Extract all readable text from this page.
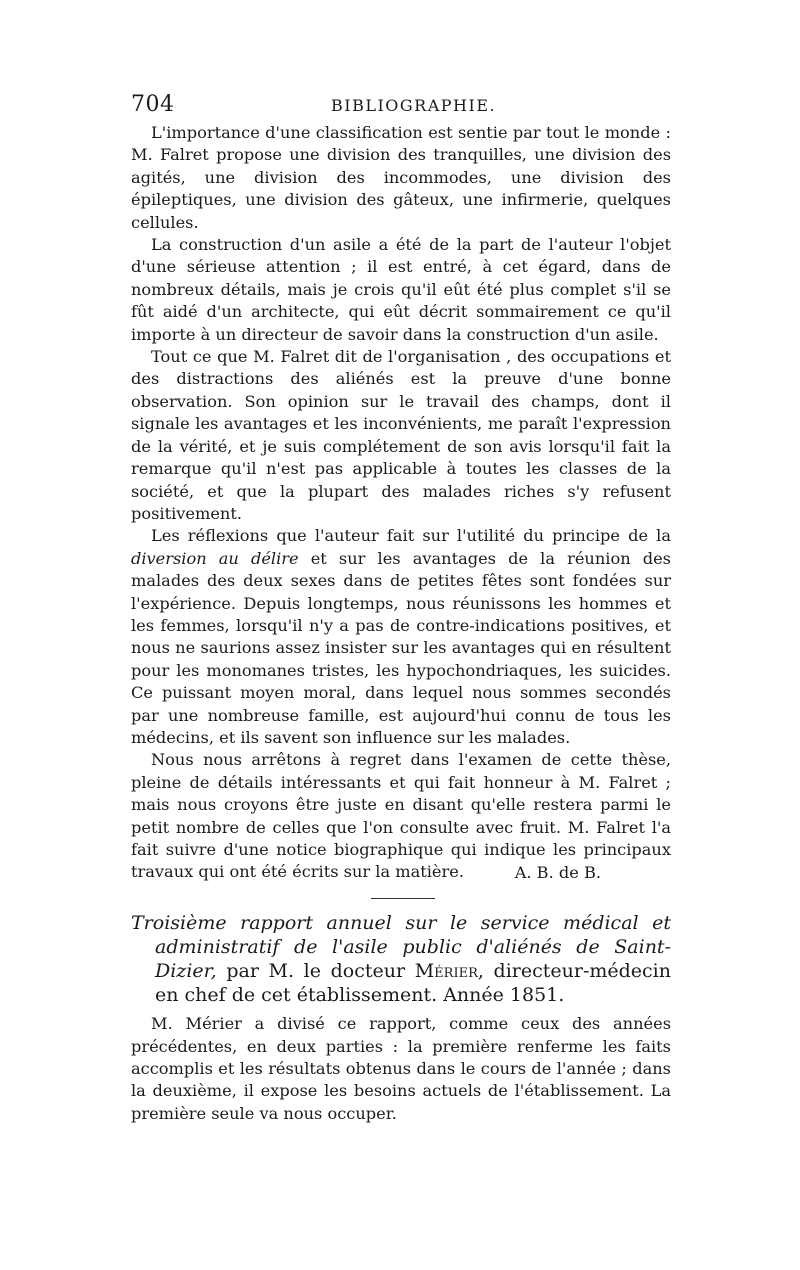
704	BIBLIOGRAPHIE.

L'importance d'une classification est sentie par tout le monde : M. Falret propose une division des tranquilles, une division des agités, une division des incommodes, une division des épileptiques, une division des gâteux, une infirmerie, quelques cellules.

La construction d'un asile a été de la part de l'auteur l'objet d'une sérieuse attention ; il est entré, à cet égard, dans de nombreux détails, mais je crois qu'il eût été plus complet s'il se fût aidé d'un architecte, qui eût décrit sommairement ce qu'il importe à un directeur de savoir dans la construction d'un asile.

Tout ce que M. Falret dit de l'organisation , des occupations et des distractions des aliénés est la preuve d'une bonne observation. Son opinion sur le travail des champs, dont il signale les avantages et les inconvénients, me paraît l'expression de la vérité, et je suis complétement de son avis lorsqu'il fait la remarque qu'il n'est pas applicable à toutes les classes de la société, et que la plupart des malades riches s'y refusent positivement.

Les réflexions que l'auteur fait sur l'utilité du principe de la diversion au délire et sur les avantages de la réunion des malades des deux sexes dans de petites fêtes sont fondées sur l'expérience. Depuis longtemps, nous réunissons les hommes et les femmes, lorsqu'il n'y a pas de contre-indications positives, et nous ne saurions assez insister sur les avantages qui en résultent pour les monomanes tristes, les hypochondriaques, les suicides. Ce puissant moyen moral, dans lequel nous sommes secondés par une nombreuse famille, est aujourd'hui connu de tous les médecins, et ils savent son influence sur les malades.

Nous nous arrêtons à regret dans l'examen de cette thèse, pleine de détails intéressants et qui fait honneur à M. Falret ; mais nous croyons être juste en disant qu'elle restera parmi le petit nombre de celles que l'on consulte avec fruit. M. Falret l'a fait suivre d'une notice biographique qui indique les principaux travaux qui ont été écrits sur la matière.	A. B. de B.

Troisième rapport annuel sur le service médical et administratif de l'asile public d'aliénés de Saint-Dizier, par M. le docteur Mérier, directeur-médecin en chef de cet établissement. Année 1851.

M. Mérier a divisé ce rapport, comme ceux des années précédentes, en deux parties : la première renferme les faits accomplis et les résultats obtenus dans le cours de l'année ; dans la deuxième, il expose les besoins actuels de l'établissement. La première seule va nous occuper.
